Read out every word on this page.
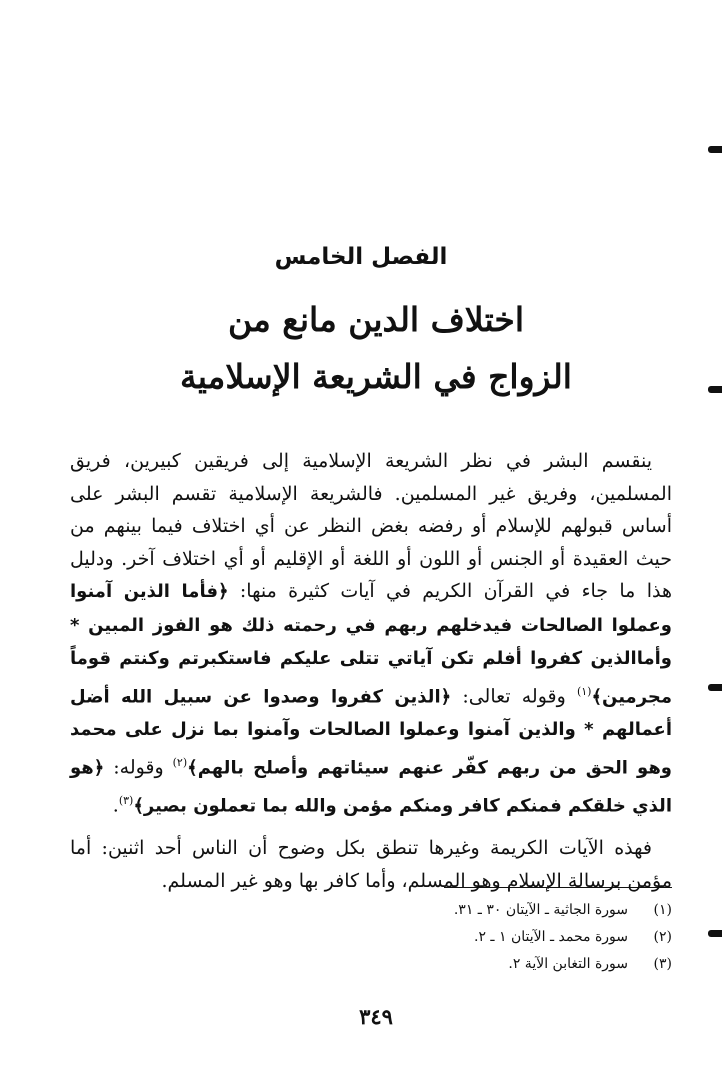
الفصل الخامس
اختلاف الدين مانع من
الزواج في الشريعة الإسلامية

ينقسم البشر في نظر الشريعة الإسلامية إلى فريقين كبيرين، فريق المسلمين، وفريق غير المسلمين. فالشريعة الإسلامية تقسم البشر على أساس قبولهم للإسلام أو رفضه بغض النظر عن أي اختلاف فيما بينهم من حيث العقيدة أو الجنس أو اللون أو اللغة أو الإقليم أو أي اختلاف آخر. ودليل هذا ما جاء في القرآن الكريم في آيات كثيرة منها: ﴿فأما الذين آمنوا وعملوا الصالحات فيدخلهم ربهم في رحمته ذلك هو الفوز المبين * وأماالذين كفروا أفلم تكن آياتي تتلى عليكم فاستكبرتم وكنتم قوماً مجرمين﴾$^{(١)}$ وقوله تعالى: ﴿الذين كفروا وصدوا عن سبيل الله أضل أعمالهم * والذين آمنوا وعملوا الصالحات وآمنوا بما نزل على محمد وهو الحق من ربهم كفّر عنهم سيئاتهم وأصلح بالهم﴾$^{(٢)}$ وقوله: ﴿هو الذي خلقكم فمنكم كافر ومنكم مؤمن والله بما تعملون بصير﴾$^{(٣)}$.

فهذه الآيات الكريمة وغيرها تنطق بكل وضوح أن الناس أحد اثنين: أما مؤمن برسالة الإسلام وهو المسلم، وأما كافر بها وهو غير المسلم.

(١)
سورة الجاثية ـ الآيتان ٣٠ ـ ٣١.
(٢)
سورة محمد ـ الآيتان ١ ـ ٢.
(٣)
سورة التغابن الآية ٢.
٣٤٩
